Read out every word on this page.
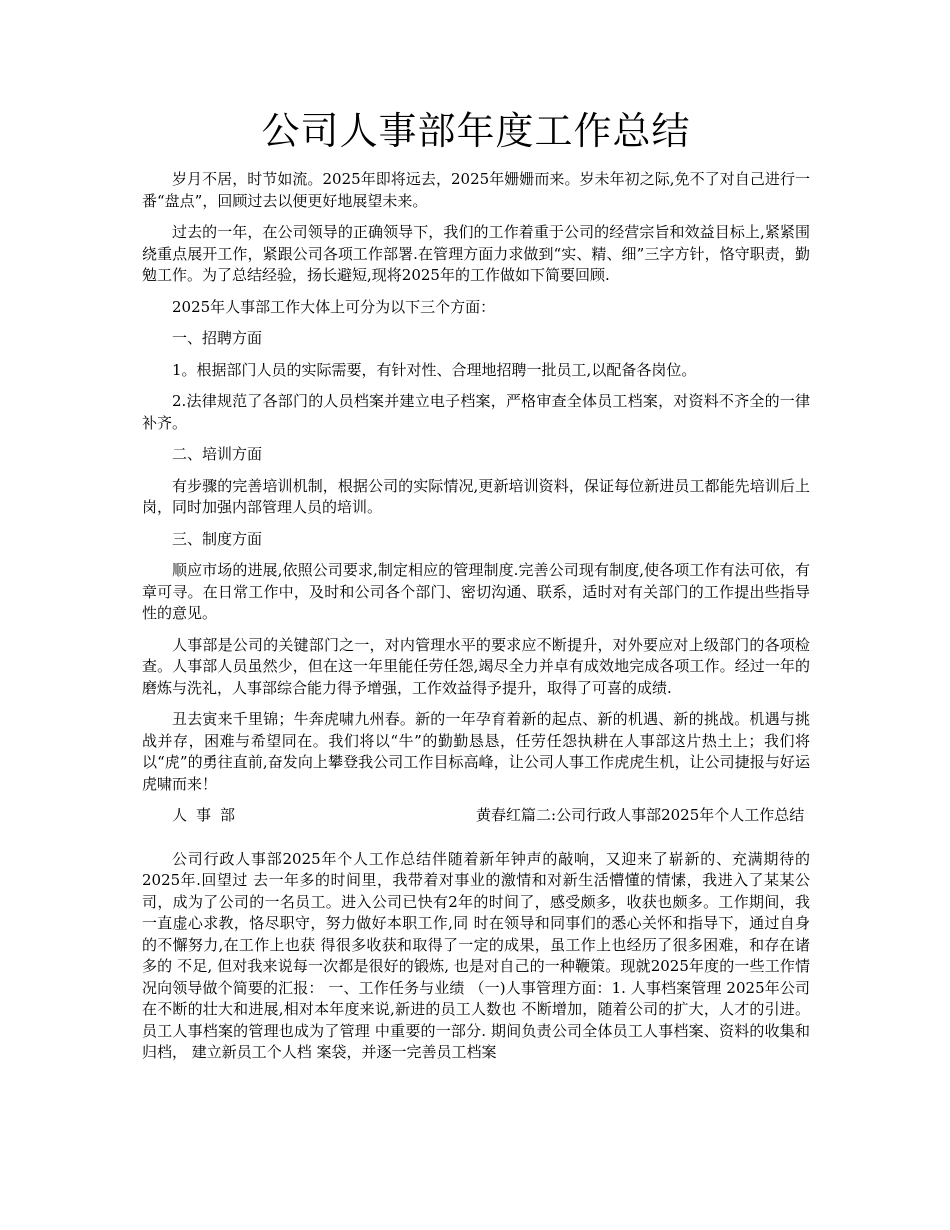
公司人事部年度工作总结

岁月不居，时节如流。2025年即将远去，2025年姗姗而来。岁未年初之际,免不了对自己进行一番“盘点”，回顾过去以便更好地展望未来。

过去的一年，在公司领导的正确领导下，我们的工作着重于公司的经营宗旨和效益目标上,紧紧围绕重点展开工作，紧跟公司各项工作部署.在管理方面力求做到“实、精、细”三字方针，恪守职责，勤勉工作。为了总结经验，扬长避短,现将2025年的工作做如下简要回顾.

2025年人事部工作大体上可分为以下三个方面：

一、招聘方面

1。根据部门人员的实际需要，有针对性、合理地招聘一批员工,以配备各岗位。

2.法律规范了各部门的人员档案并建立电子档案，严格审查全体员工档案，对资料不齐全的一律补齐。

二、培训方面

有步骤的完善培训机制，根据公司的实际情况,更新培训资料，保证每位新进员工都能先培训后上岗，同时加强内部管理人员的培训。

三、制度方面

顺应市场的进展,依照公司要求,制定相应的管理制度.完善公司现有制度,使各项工作有法可依，有章可寻。在日常工作中，及时和公司各个部门、密切沟通、联系，适时对有关部门的工作提出些指导性的意见。

人事部是公司的关键部门之一，对内管理水平的要求应不断提升，对外要应对上级部门的各项检查。人事部人员虽然少，但在这一年里能任劳任怨,竭尽全力并卓有成效地完成各项工作。经过一年的磨炼与洗礼，人事部综合能力得予增强，工作效益得予提升，取得了可喜的成绩.

丑去寅来千里锦；牛奔虎啸九州春。新的一年孕育着新的起点、新的机遇、新的挑战。机遇与挑战并存，困难与希望同在。我们将以“牛”的勤勤恳恳，任劳任怨执耕在人事部这片热土上；我们将以“虎”的勇往直前,奋发向上攀登我公司工作目标高峰，让公司人事工作虎虎生机，让公司捷报与好运虎啸而来！

人事部	黄春红篇二:公司行政人事部2025年个人工作总结

公司行政人事部2025年个人工作总结伴随着新年钟声的敲响，又迎来了崭新的、充满期待的2025年.回望过 去一年多的时间里，我带着对事业的激情和对新生活懵懂的情愫，我进入了某某公司，成为了公司的一名员工。进入公司已快有2年的时间了，感受颇多，收获也颇多。工作期间，我一直虚心求教，恪尽职守，努力做好本职工作,同 时在领导和同事们的悉心关怀和指导下，通过自身的不懈努力,在工作上也获 得很多收获和取得了一定的成果，虽工作上也经历了很多困难，和存在诸多的 不足, 但对我来说每一次都是很好的锻炼, 也是对自己的一种鞭策。现就2025年度的一些工作情况向领导做个简要的汇报： 一、工作任务与业绩 （一)人事管理方面：1. 人事档案管理 2025年公司在不断的壮大和进展,相对本年度来说,新进的员工人数也 不断增加，随着公司的扩大，人才的引进。员工人事档案的管理也成为了管理 中重要的一部分. 期间负责公司全体员工人事档案、资料的收集和归档， 建立新员工个人档 案袋，并逐一完善员工档案
